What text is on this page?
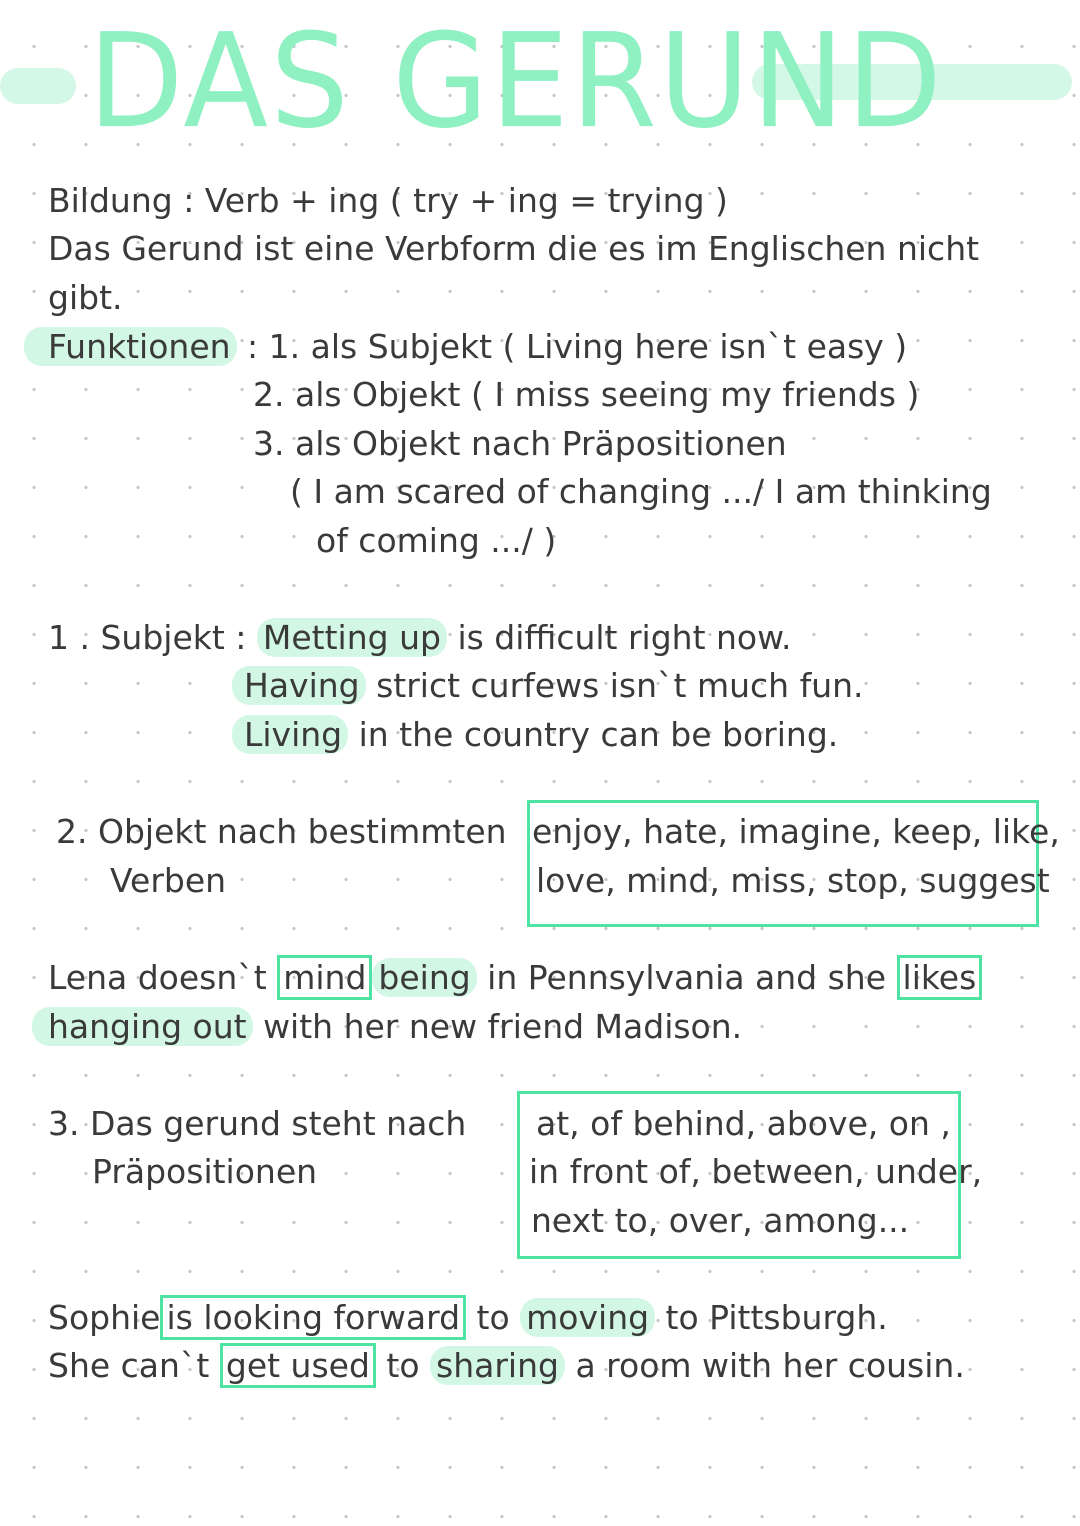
DAS GERUND
Bildung : Verb + ing ( try + ing = trying )
Das Gerund ist eine Verbform die es im Englischen nicht
gibt.
Funktionen : 1. als Subjekt ( Living here isn`t easy )
2. als Objekt ( I miss seeing my friends )
3. als Objekt nach Präpositionen
( I am scared of changing .../ I am thinking
of coming .../ )
1 . Subjekt : Metting up is difficult right now.
Having strict curfews isn`t much fun.
Living in the country can be boring.
2. Objekt nach bestimmten
Verben
enjoy, hate, imagine, keep, like,
love, mind, miss, stop, suggest
Lena doesn`t mind being in Pennsylvania and she likes
hanging out with her new friend Madison.
3. Das gerund steht nach
Präpositionen
at, of behind, above, on ,
in front of, between, under,
next to, over, among...
Sophie is looking forward to moving to Pittsburgh.
She can`t get used to sharing a room with her cousin.
